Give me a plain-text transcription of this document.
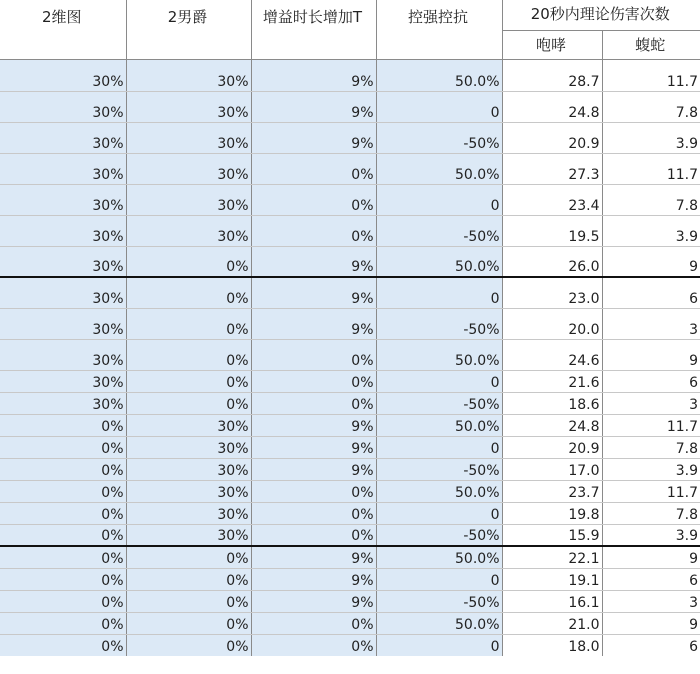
2维图	2男爵	增益时长增加T	控强控抗	20秒内理论伤害次数	
				咆哮	蝮蛇
30%	30%	9%	50.0%	28.7	11.7
30%	30%	9%	0	24.8	7.8
30%	30%	9%	-50%	20.9	3.9
30%	30%	0%	50.0%	27.3	11.7
30%	30%	0%	0	23.4	7.8
30%	30%	0%	-50%	19.5	3.9
30%	0%	9%	50.0%	26.0	9
30%	0%	9%	0	23.0	6
30%	0%	9%	-50%	20.0	3
30%	0%	0%	50.0%	24.6	9
30%	0%	0%	0	21.6	6
30%	0%	0%	-50%	18.6	3
0%	30%	9%	50.0%	24.8	11.7
0%	30%	9%	0	20.9	7.8
0%	30%	9%	-50%	17.0	3.9
0%	30%	0%	50.0%	23.7	11.7
0%	30%	0%	0	19.8	7.8
0%	30%	0%	-50%	15.9	3.9
0%	0%	9%	50.0%	22.1	9
0%	0%	9%	0	19.1	6
0%	0%	9%	-50%	16.1	3
0%	0%	0%	50.0%	21.0	9
0%	0%	0%	0	18.0	6
